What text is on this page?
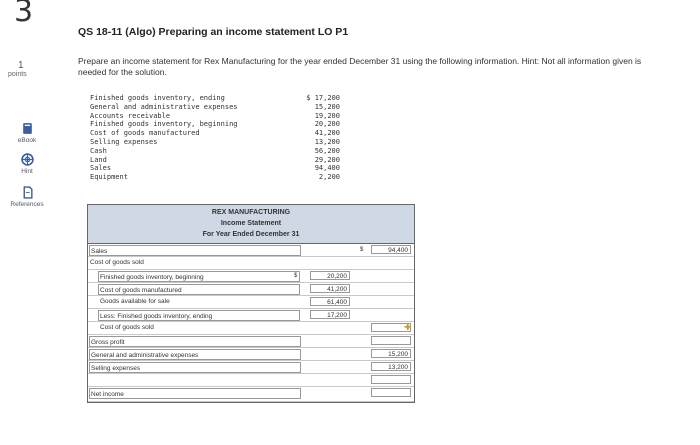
3
1
points
eBook
Hint
References
QS 18-11 (Algo) Preparing an income statement LO P1
Prepare an income statement for Rex Manufacturing for the year ended December 31 using the following information. Hint: Not all information given is needed for the solution.
Finished goods inventory, ending	$ 17,200
General and administrative expenses	15,200
Accounts receivable	19,200
Finished goods inventory, beginning	20,200
Cost of goods manufactured	41,200
Selling expenses	13,200
Cash	56,200
Land	29,200
Sales	94,400
Equipment	2,200
REX MANUFACTURING
Income Statement
For Year Ended December 31
Sales	$	94,400
Cost of goods sold
Finished goods inventory, beginning	$	20,200
Cost of goods manufactured	41,200
Goods available for sale	61,400
Less: Finished goods inventory, ending	17,200
Cost of goods sold
Gross profit
General and administrative expenses	15,200
Selling expenses	13,200
Net income
✚
